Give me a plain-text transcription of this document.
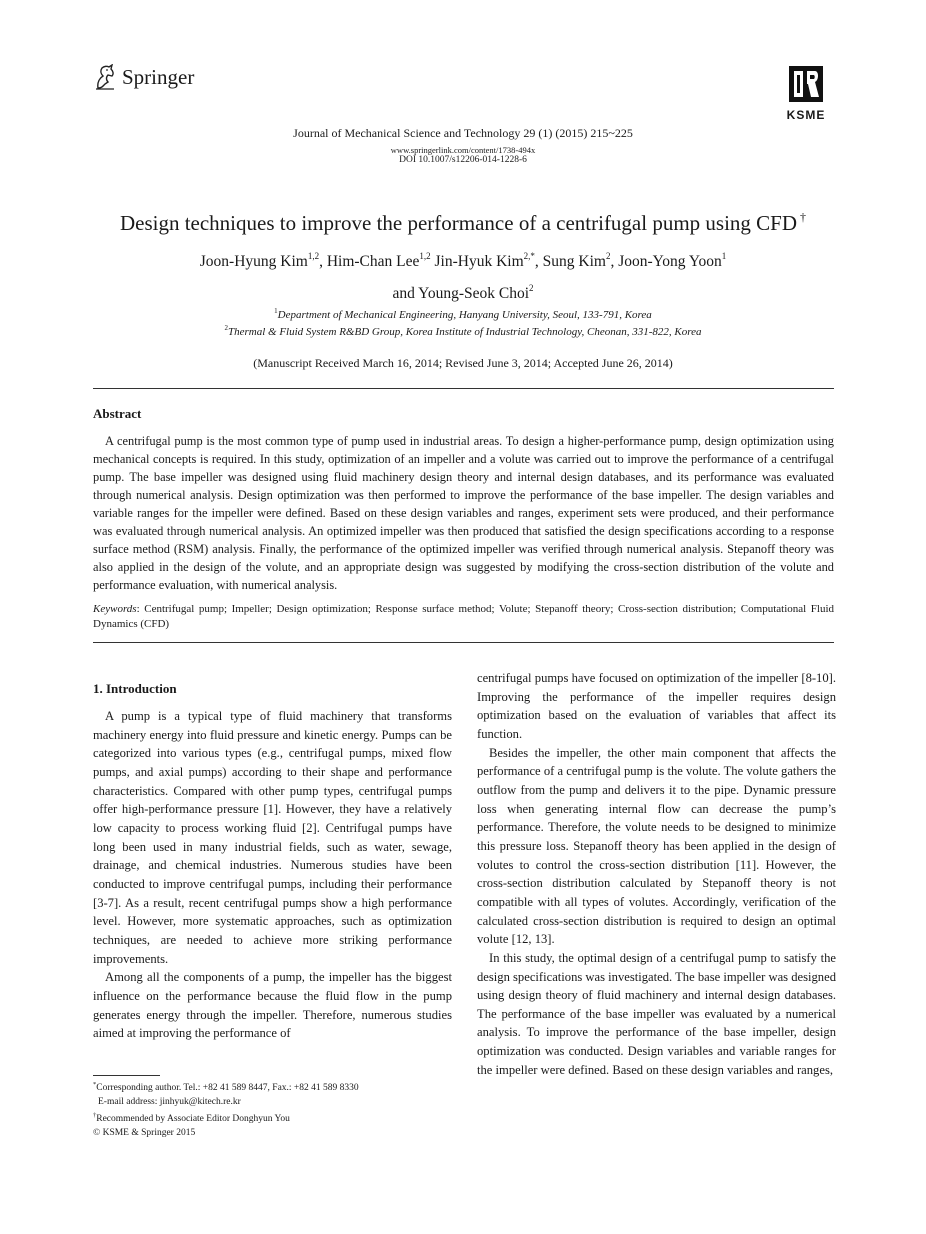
Springer
KSME
Journal of Mechanical Science and Technology 29 (1) (2015) 215~225
www.springerlink.com/content/1738-494x
DOI 10.1007/s12206-014-1228-6
Design techniques to improve the performance of a centrifugal pump using CFD †
Joon-Hyung Kim$^{1,2}$, Him-Chan Lee$^{1,2}$ Jin-Hyuk Kim$^{2,*}$, Sung Kim$^2$, Joon-Yong Yoon$^1$
and Young-Seok Choi$^2$
$^1$Department of Mechanical Engineering, Hanyang University, Seoul, 133-791, Korea
$^2$Thermal & Fluid System R&BD Group, Korea Institute of Industrial Technology, Cheonan, 331-822, Korea
(Manuscript Received March 16, 2014; Revised June 3, 2014; Accepted June 26, 2014)
Abstract
A centrifugal pump is the most common type of pump used in industrial areas. To design a higher-performance pump, design optimization using mechanical concepts is required. In this study, optimization of an impeller and a volute was carried out to improve the performance of a centrifugal pump. The base impeller was designed using fluid machinery design theory and internal design databases, and its performance was evaluated through numerical analysis. Design optimization was then performed to improve the performance of the base impeller. The design variables and variable ranges for the impeller were defined. Based on these design variables and ranges, experiment sets were produced, and their performance was evaluated through numerical analysis. An optimized impeller was then produced that satisfied the design specifications according to a response surface method (RSM) analysis. Finally, the performance of the optimized impeller was verified through numerical analysis. Stepanoff theory was also applied in the design of the volute, and an appropriate design was suggested by modifying the cross-section distribution of the volute and performance evaluation, with numerical analysis.
Keywords: Centrifugal pump; Impeller; Design optimization; Response surface method; Volute; Stepanoff theory; Cross-section distribution; Computational Fluid Dynamics (CFD)
1. Introduction

A pump is a typical type of fluid machinery that transforms machinery energy into fluid pressure and kinetic energy. Pumps can be categorized into various types (e.g., centrifugal pumps, mixed flow pumps, and axial pumps) according to their shape and performance characteristics. Compared with other pump types, centrifugal pumps offer high-performance pressure [1]. However, they have a relatively low capacity to process working fluid [2]. Centrifugal pumps have long been used in many industrial fields, such as water, sewage, drainage, and chemical industries. Numerous studies have been conducted to improve centrifugal pumps, including their performance [3-7]. As a result, recent centrifugal pumps show a high performance level. However, more systematic approaches, such as optimization techniques, are needed to achieve more striking performance improvements.

Among all the components of a pump, the impeller has the biggest influence on the performance because the fluid flow in the pump generates energy through the impeller. Therefore, numerous studies aimed at improving the performance of

centrifugal pumps have focused on optimization of the impeller [8-10]. Improving the performance of the impeller requires design optimization based on the evaluation of variables that affect its function.

Besides the impeller, the other main component that affects the performance of a centrifugal pump is the volute. The volute gathers the outflow from the pump and delivers it to the pipe. Dynamic pressure loss when generating internal flow can decrease the pump’s performance. Therefore, the volute needs to be designed to minimize this pressure loss. Stepanoff theory has been applied in the design of volutes to control the cross-section distribution [11]. However, the cross-section distribution calculated by Stepanoff theory is not compatible with all types of volutes. Accordingly, verification of the calculated cross-section distribution is required to design an optimal volute [12, 13].

In this study, the optimal design of a centrifugal pump to satisfy the design specifications was investigated. The base impeller was designed using design theory of fluid machinery and internal design databases. The performance of the base impeller was evaluated by a numerical analysis. To improve the performance of the base impeller, design optimization was conducted. Design variables and variable ranges for the impeller were defined. Based on these design variables and ranges,

*Corresponding author. Tel.: +82 41 589 8447, Fax.: +82 41 589 8330
E-mail address: jinhyuk@kitech.re.kr
†Recommended by Associate Editor Donghyun You
© KSME & Springer 2015
